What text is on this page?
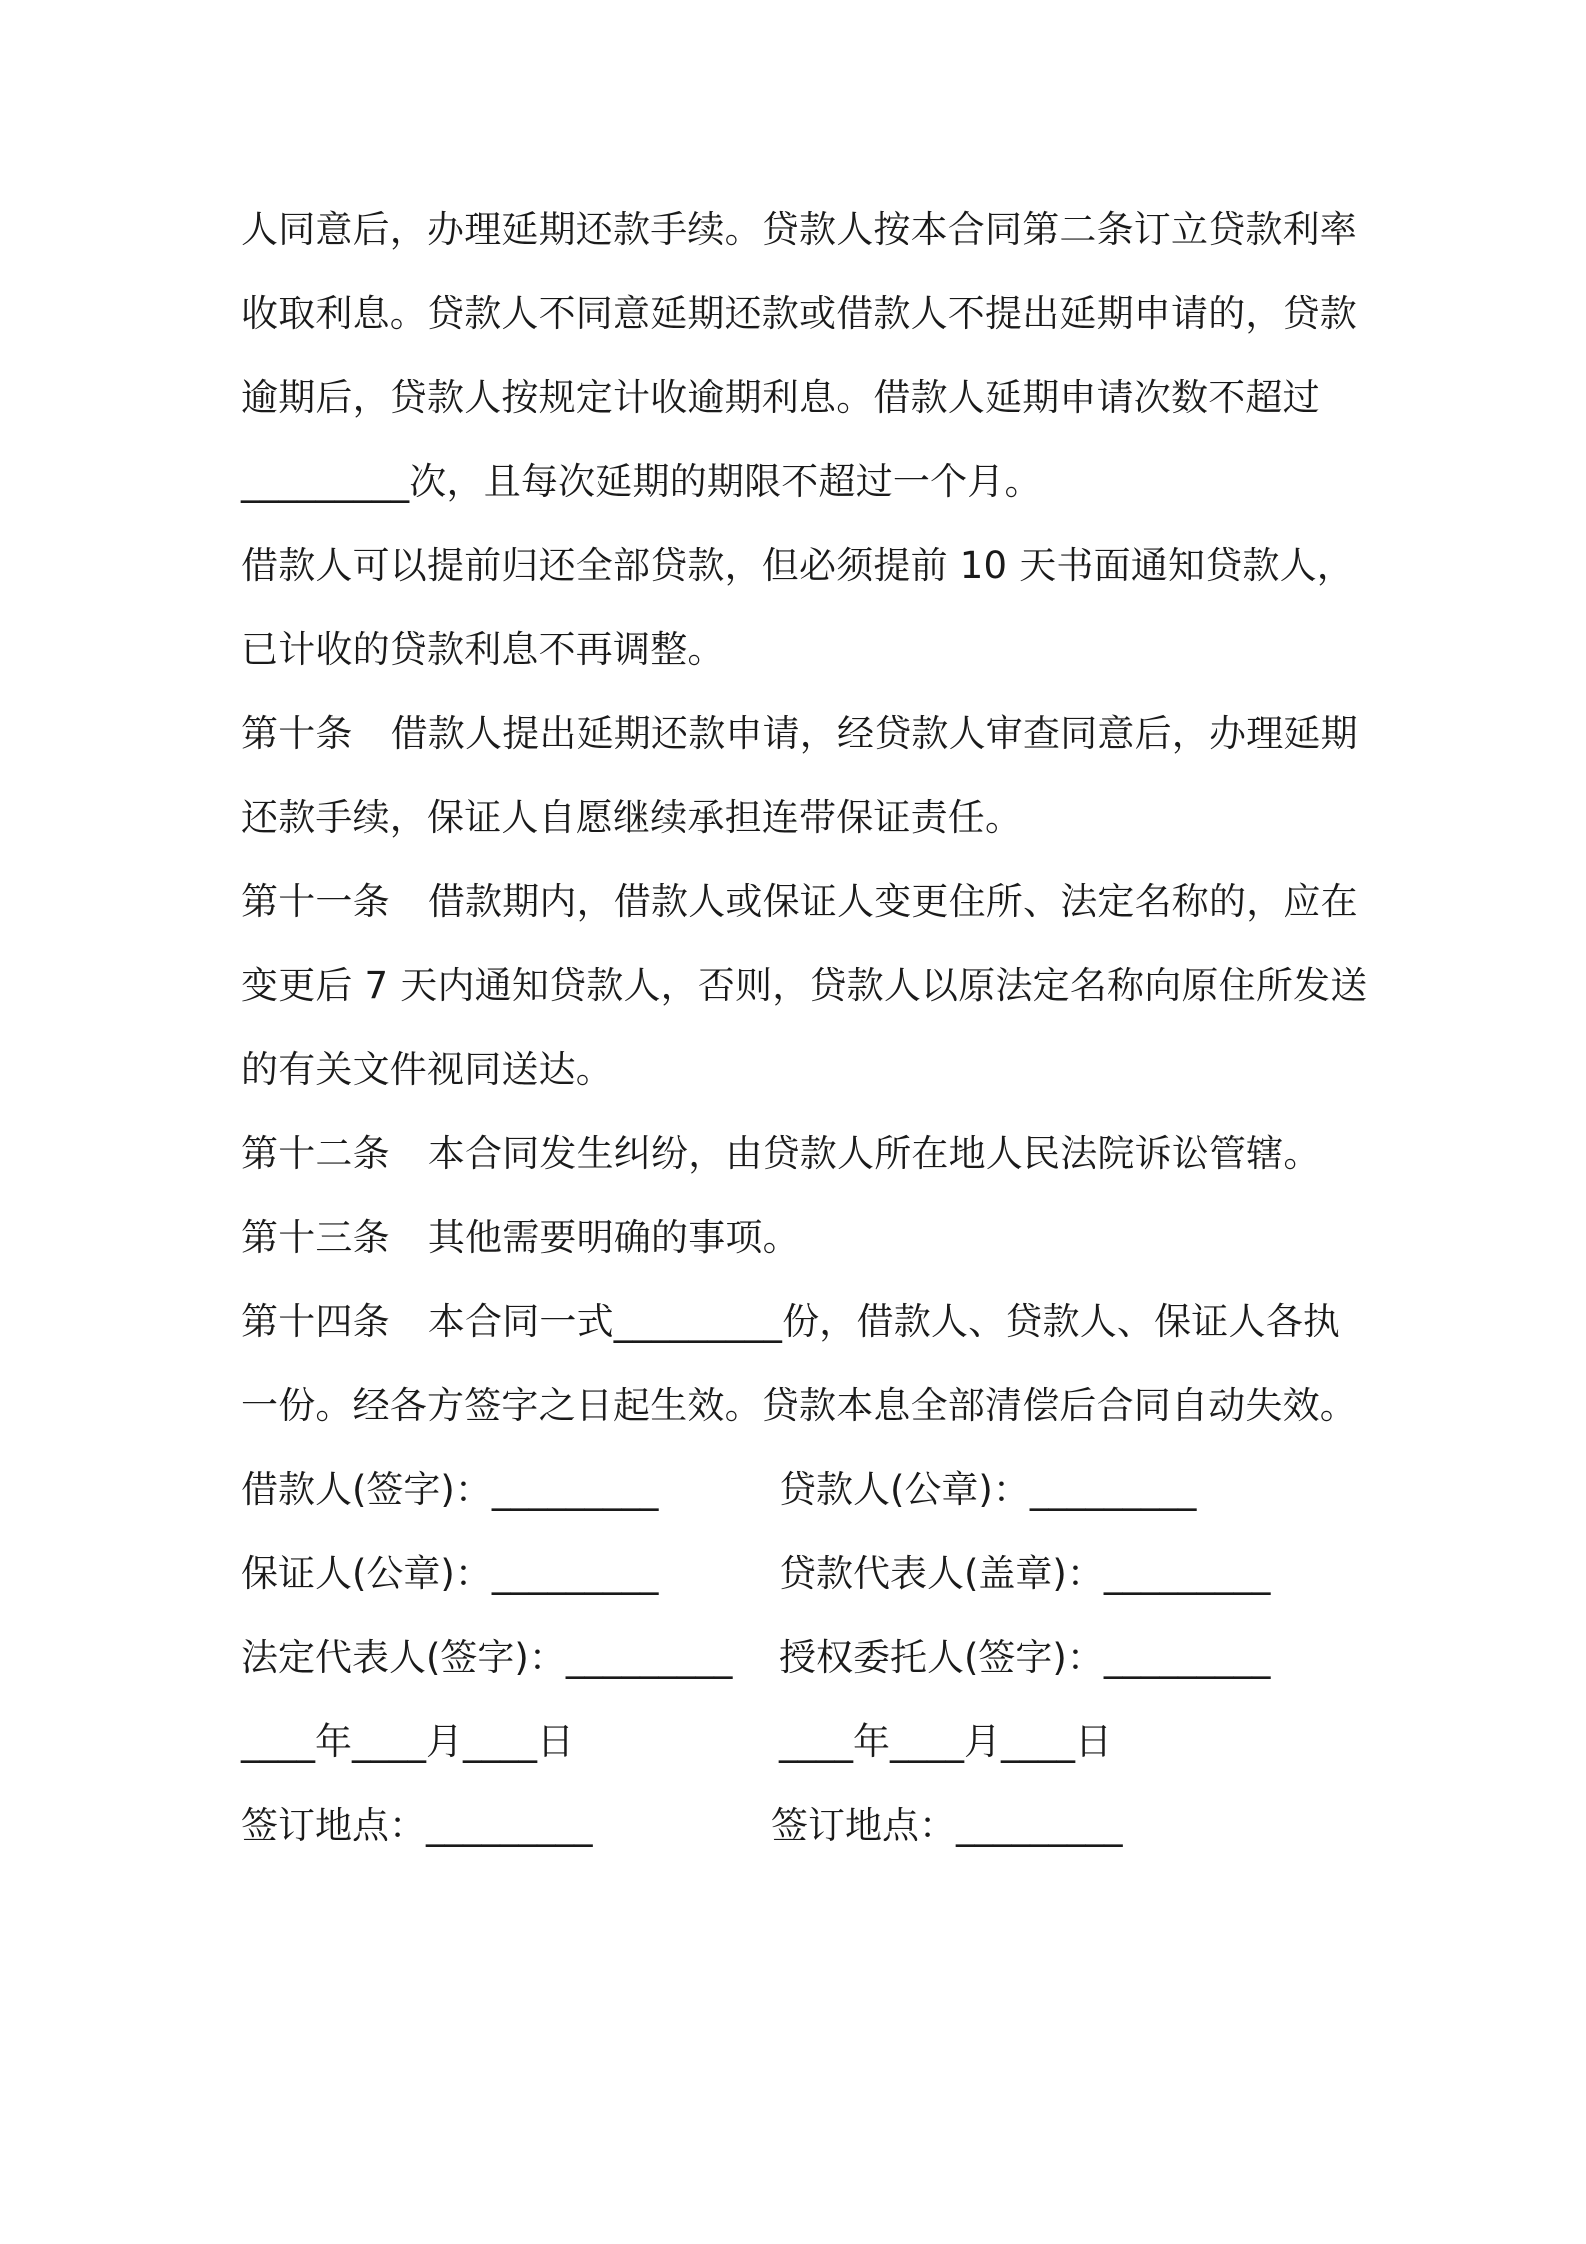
人同意后，办理延期还款手续。贷款人按本合同第二条订立贷款利率
收取利息。贷款人不同意延期还款或借款人不提出延期申请的，贷款
逾期后，贷款人按规定计收逾期利息。借款人延期申请次数不超过
_________次，且每次延期的期限不超过一个月。
借款人可以提前归还全部贷款，但必须提前 10 天书面通知贷款人，
已计收的贷款利息不再调整。
第十条 借款人提出延期还款申请，经贷款人审查同意后，办理延期
还款手续，保证人自愿继续承担连带保证责任。
第十一条 借款期内，借款人或保证人变更住所、法定名称的，应在
变更后 7 天内通知贷款人，否则，贷款人以原法定名称向原住所发送
的有关文件视同送达。
第十二条 本合同发生纠纷，由贷款人所在地人民法院诉讼管辖。
第十三条 其他需要明确的事项。
第十四条 本合同一式_________份，借款人、贷款人、保证人各执
一份。经各方签字之日起生效。贷款本息全部清偿后合同自动失效。
借款人(签字)：_________	贷款人(公章)：_________
保证人(公章)：_________	贷款代表人(盖章)：_________
法定代表人(签字)：_________ 授权委托人(签字)：_________
____年____月____日	____年____月____日
签订地点：_________	签订地点：_________
